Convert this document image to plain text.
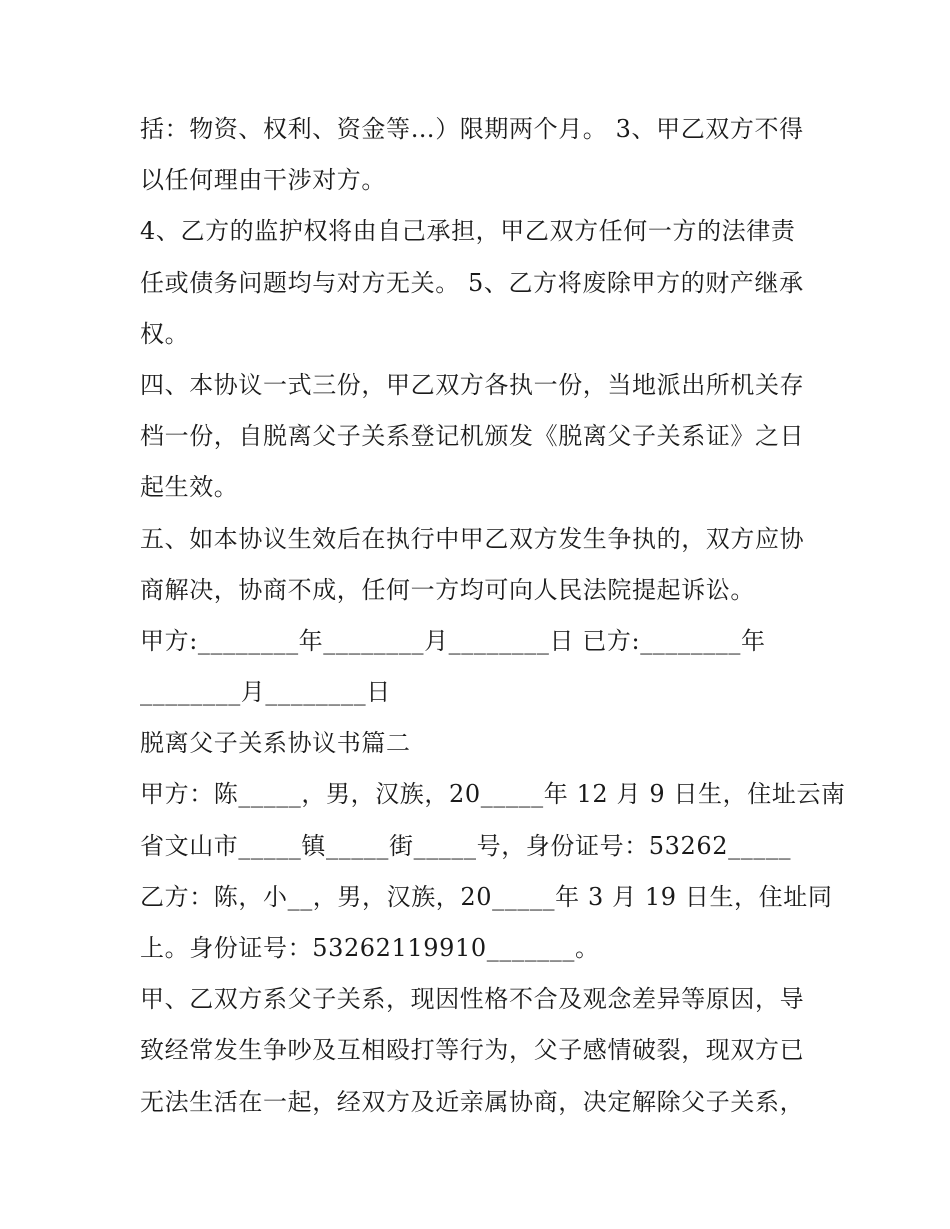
括：物资、权利、资金等…）限期两个月。 3、甲乙双方不得
以任何理由干涉对方。
4、乙方的监护权将由自己承担，甲乙双方任何一方的法律责
任或债务问题均与对方无关。 5、乙方将废除甲方的财产继承
权。
四、本协议一式三份，甲乙双方各执一份，当地派出所机关存
档一份，自脱离父子关系登记机颁发《脱离父子关系证》之日
起生效。
五、如本协议生效后在执行中甲乙双方发生争执的，双方应协
商解决，协商不成，任何一方均可向人民法院提起诉讼。
甲方:________年________月________日 已方:________年
________月________日
脱离父子关系协议书篇二
甲方：陈_____，男，汉族，20_____年 12 月 9 日生，住址云南
省文山市_____镇_____街_____号，身份证号：53262_____
乙方：陈，小__，男，汉族，20_____年 3 月 19 日生，住址同
上。身份证号：53262119910_______。
甲、乙双方系父子关系，现因性格不合及观念差异等原因，导
致经常发生争吵及互相殴打等行为，父子感情破裂，现双方已
无法生活在一起，经双方及近亲属协商，决定解除父子关系，
